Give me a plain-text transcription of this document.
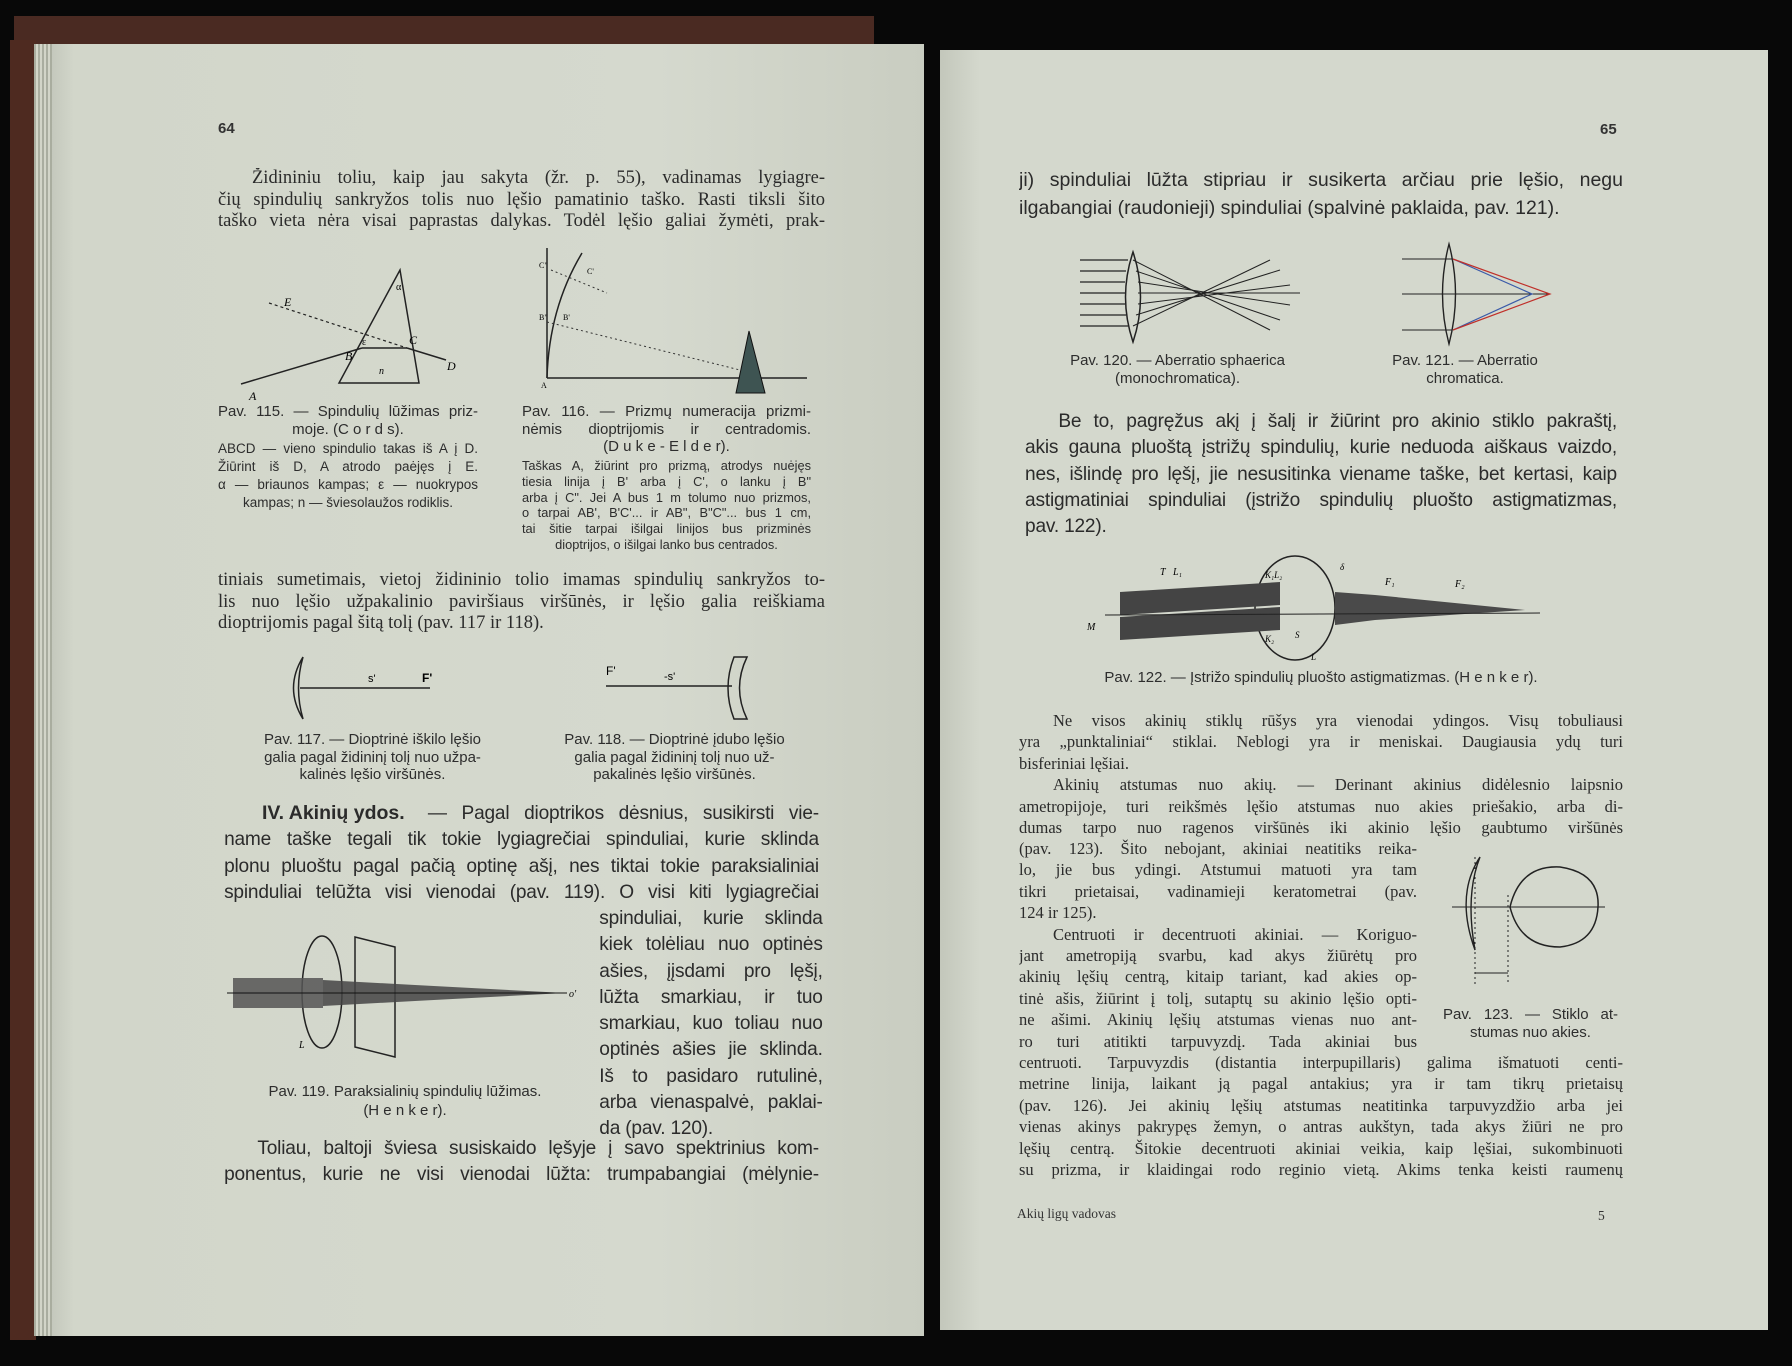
64
Židininiu toliu, kaip jau sakyta (žr. p. 55), vadinamas lygiagre-
čių spindulių sankryžos tolis nuo lęšio pamatinio taško. Rasti tiksli šito
taško vieta nėra visai paprastas dalykas. Todėl lęšio galiai žymėti, prak-
A
B
C
D
E
α
ε
n
Pav. 115. — Spindulių lūžimas priz-
moje. (C o r d s).
ABCD — vieno spindulio takas iš A į D.
Žiūrint iš D, A atrodo paėjęs į E.
α — briaunos kampas; ε — nuokrypos
kampas; n — šviesolaužos rodiklis.
A
B'
B"
C'
C"
Pav. 116. — Prizmų numeracija prizmi-
nėmis dioptrijomis ir centradomis.
(D u k e - E l d e r).
Taškas A, žiūrint pro prizmą, atrodys nuėjęs
tiesia linija į B' arba į C', o lanku į B"
arba į C". Jei A bus 1 m tolumo nuo prizmos,
o tarpai AB', B'C'... ir AB", B"C"... bus 1 cm,
tai šitie tarpai išilgai linijos bus prizminės
dioptrijos, o išilgai lanko bus centrados.
tiniais sumetimais, vietoj židininio tolio imamas spindulių sankryžos to-
lis nuo lęšio užpakalinio paviršiaus viršūnės, ir lęšio galia reiškiama
dioptrijomis pagal šitą tolį (pav. 117 ir 118).
s'	F'	F'	-s'
Pav. 117. — Dioptrinė iškilo lęšio
galia pagal židininį tolį nuo užpa-
kalinės lęšio viršūnės.
Pav. 118. — Dioptrinė įdubo lęšio
galia pagal židininį tolį nuo už-
pakalinės lęšio viršūnės.
IV. Akinių ydos.	— Pagal dioptrikos dėsnius, susikirsti vie-
name taške tegali tik tokie lygiagrečiai spinduliai, kurie sklinda
plonu pluoštu pagal pačią optinę ašį, nes tiktai tokie paraksialiniai
spinduliai telūžta visi vienodai (pav. 119). O visi kiti lygiagrečiai
spinduliai, kurie sklinda
kiek tolėliau nuo optinės
ašies, įįsdami pro lęšį,
lūžta smarkiau, ir tuo
smarkiau, kuo toliau nuo
optinės ašies jie sklinda.
Iš to pasidaro rutulinė,
arba vienaspalvė, paklai-
da (pav. 120).
L
o'
Pav. 119. Paraksialinių spindulių lūžimas.
(H e n k e r).
Toliau, baltoji šviesa susiskaido lęšyje į savo spektrinius kom-
ponentus, kurie ne visi vienodai lūžta: trumpabangiai (mėlynie-
65
ji) spinduliai lūžta stipriau ir susikerta arčiau prie lęšio, negu
ilgabangiai (raudonieji) spinduliai (spalvinė paklaida, pav. 121).
Pav. 120. — Aberratio sphaerica
(monochromatica).
Pav. 121. — Aberratio
chromatica.
Be to, pagręžus akį į šalį ir žiūrint pro akinio stiklo pakraštį,
akis gauna pluoštą įstrižų spindulių, kurie neduoda aiškaus vaizdo,
nes, išlindę pro lęšį, jie nesusitinka viename taške, bet kertasi, kaip
astigmatiniai spinduliai (įstrižo spindulių pluošto astigmatizmas,
pav. 122).
T L₁	K₁L₂
δ
F₁	F₂
M
K₂ S
L
Pav. 122. — Įstrižo spindulių pluošto astigmatizmas. (H e n k e r).
Ne visos akinių stiklų rūšys yra vienodai ydingos. Visų tobuliausi
yra „punktaliniai“ stiklai. Neblogi yra ir meniskai. Daugiausia ydų turi
bisferiniai lęšiai.
Akinių atstumas nuo akių. — Derinant akinius didėlesnio laipsnio
ametropijoje, turi reikšmės lęšio atstumas nuo akies priešakio, arba di-
dumas tarpo nuo ragenos viršūnės iki akinio lęšio gaubtumo viršūnės
(pav. 123). Šito nebojant, akiniai neatitiks reika-
lo, jie bus ydingi. Atstumui matuoti yra tam
tikri prietaisai, vadinamieji keratometrai (pav.
124 ir 125).
Centruoti ir decentruoti akiniai. — Koriguo-
jant ametropiją svarbu, kad akys žiūrėtų pro
akinių lęšių centrą, kitaip tariant, kad akies op-
tinė ašis, žiūrint į tolį, sutaptų su akinio lęšio opti-
ne ašimi. Akinių lęšių atstumas vienas nuo ant-
ro turi atitikti tarpuvyzdį. Tada akiniai bus
Pav. 123. — Stiklo at-
stumas nuo akies.
centruoti. Tarpuvyzdis (distantia interpupillaris) galima išmatuoti centi-
metrine linija, laikant ją pagal antakius; yra ir tam tikrų prietaisų
(pav. 126). Jei akinių lęšių atstumas neatitinka tarpuvyzdžio arba jei
vienas akinys pakrypęs žemyn, o antras aukštyn, tada akys žiūri ne pro
lęšių centrą. Šitokie decentruoti akiniai veikia, kaip lęšiai, sukombinuoti
su prizma, ir klaidingai rodo reginio vietą. Akims tenka keisti raumenų
Akių ligų vadovas	5
